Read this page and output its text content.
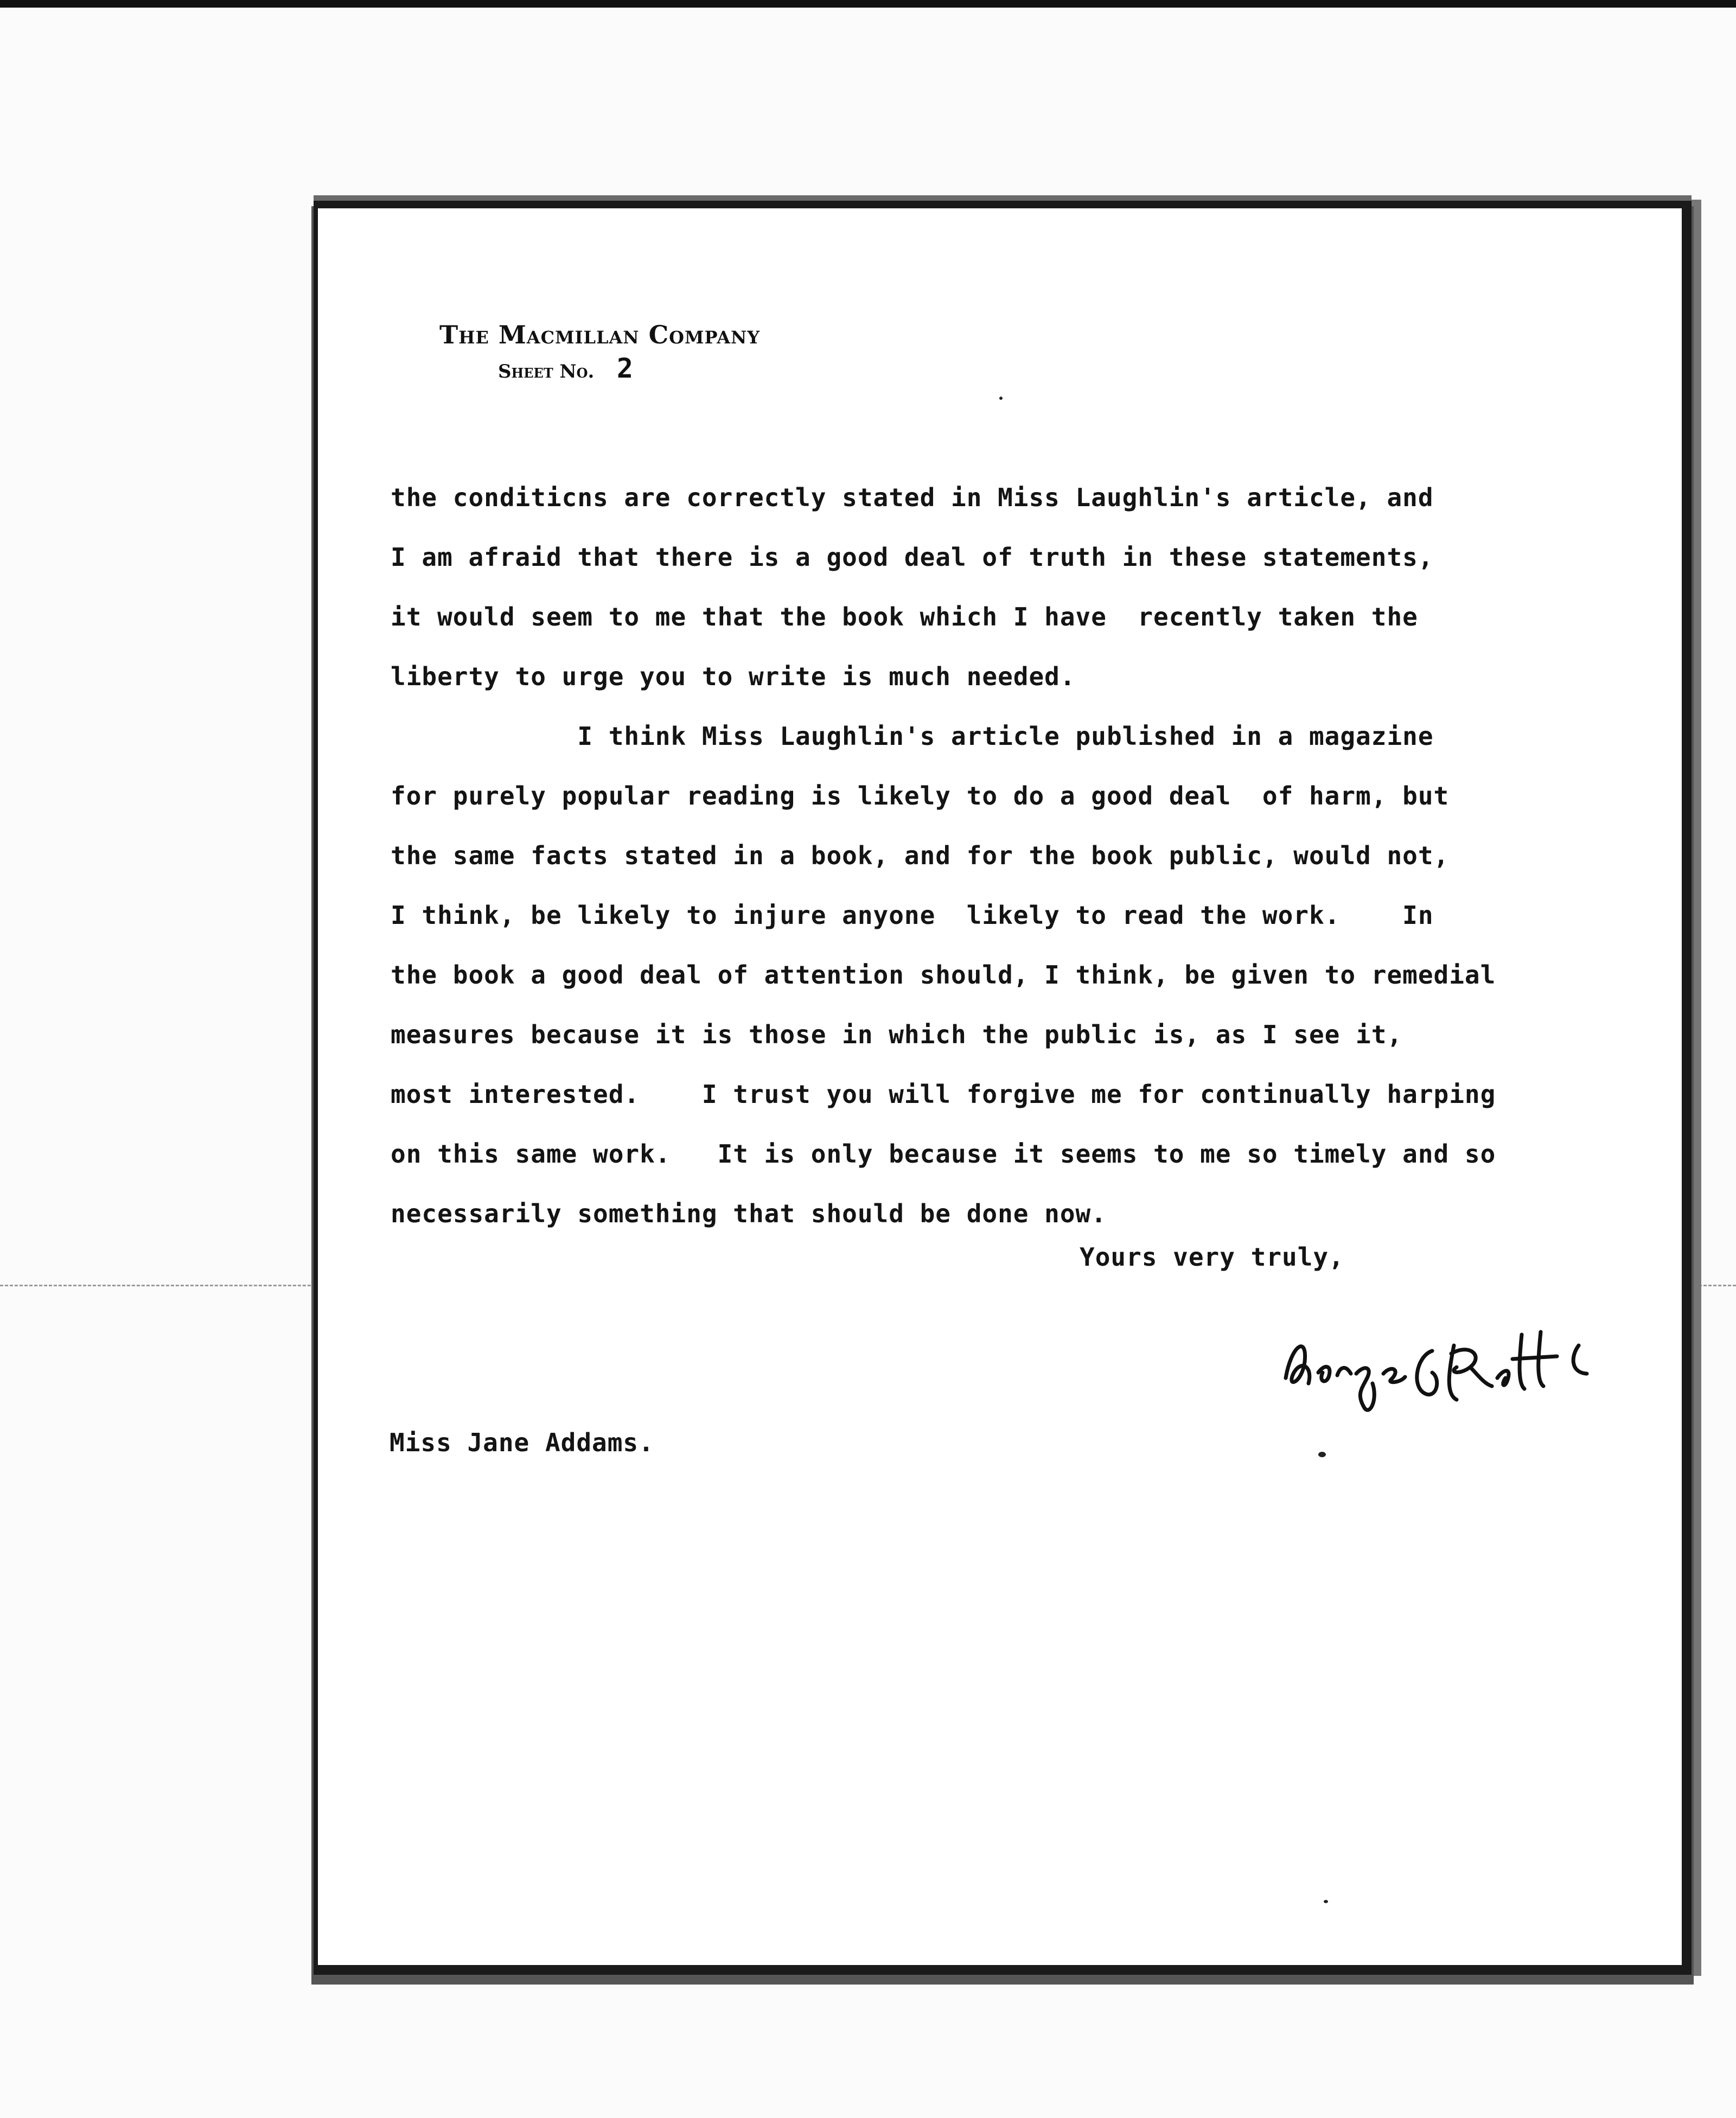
The Macmillan Company
Sheet No. 2
the conditicns are correctly stated in Miss Laughlin's article, and
I am afraid that there is a good deal of truth in these statements,
it would seem to me that the book which I have  recently taken the
liberty to urge you to write is much needed.
I think Miss Laughlin's article published in a magazine
for purely popular reading is likely to do a good deal  of harm, but
the same facts stated in a book, and for the book public, would not,
I think, be likely to injure anyone  likely to read the work.    In
the book a good deal of attention should, I think, be given to remedial
measures because it is those in which the public is, as I see it,
most interested.    I trust you will forgive me for continually harping
on this same work.   It is only because it seems to me so timely and so
necessarily something that should be done now.
Yours very truly,
Miss Jane Addams.
